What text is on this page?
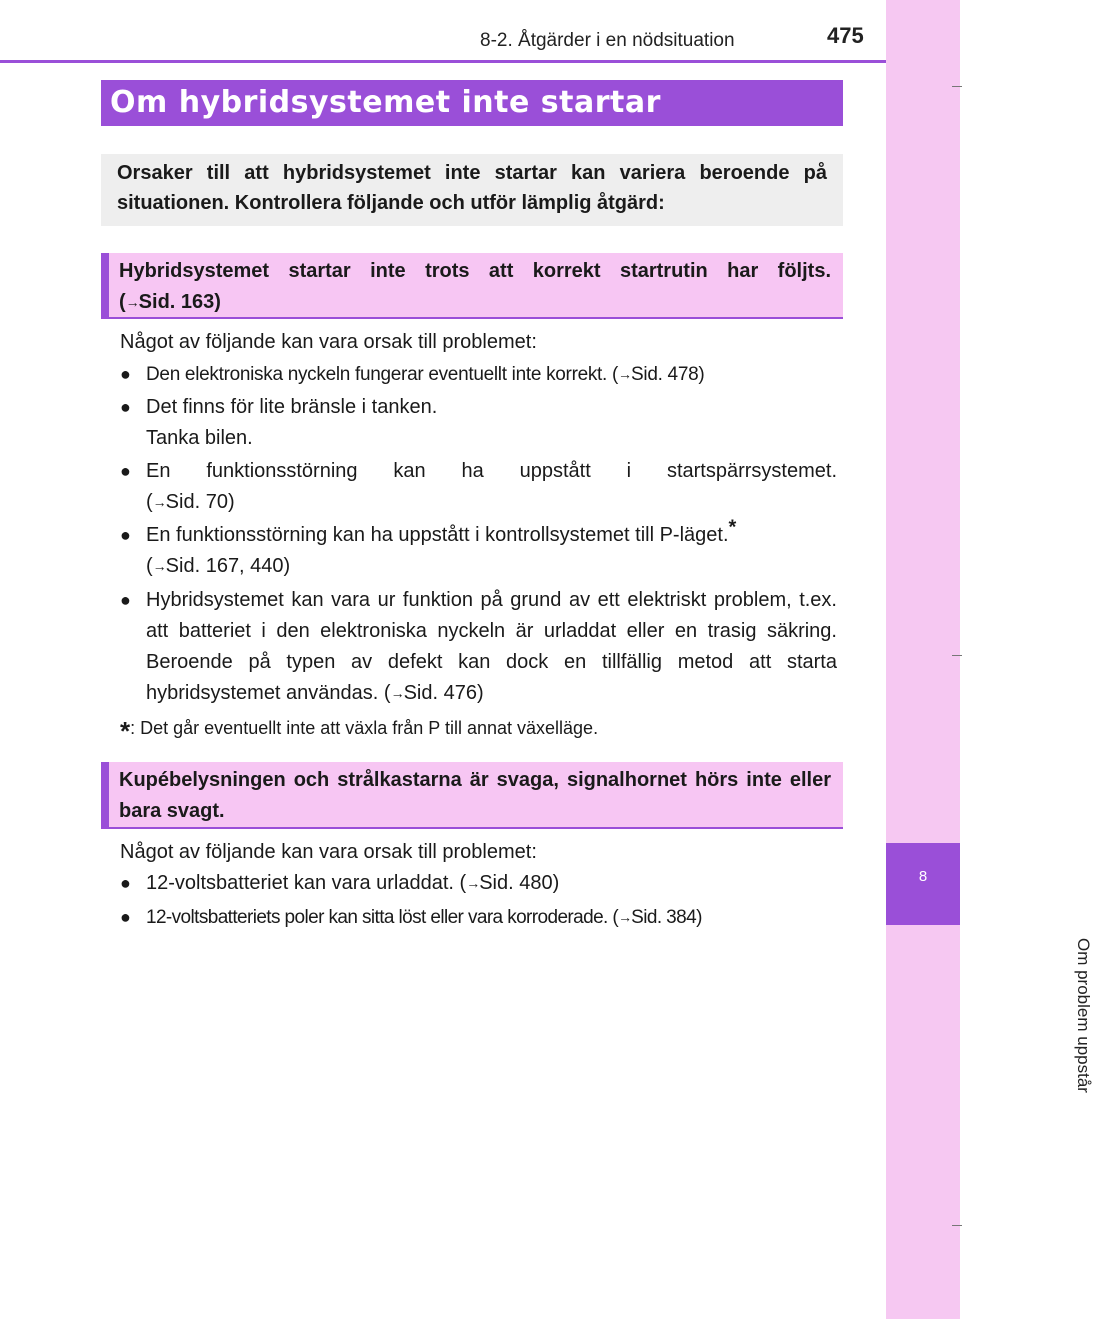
8-2. Åtgärder i en nödsituation	475
8
Om problem uppstår
Om hybridsystemet inte startar
Orsaker till att hybridsystemet inte startar kan variera beroende på situationen. Kontrollera följande och utför lämplig åtgärd:
Hybridsystemet startar inte trots att korrekt startrutin har följts.
(→Sid. 163)
Något av följande kan vara orsak till problemet:
● Den elektroniska nyckeln fungerar eventuellt inte korrekt. (→Sid. 478)
● Det finns för lite bränsle i tanken.
Tanka bilen.
● En funktionsstörning kan ha uppstått i startspärrsystemet.
(→Sid. 70)
● En funktionsstörning kan ha uppstått i kontrollsystemet till P-läget.*
(→Sid. 167, 440)
● Hybridsystemet kan vara ur funktion på grund av ett elektriskt problem, t.ex. att batteriet i den elektroniska nyckeln är urladdat eller en trasig säkring. Beroende på typen av defekt kan dock en tillfällig metod att starta hybridsystemet användas. (→Sid. 476)
*: Det går eventuellt inte att växla från P till annat växelläge.
Kupébelysningen och strålkastarna är svaga, signalhornet hörs inte eller bara svagt.
Något av följande kan vara orsak till problemet:
● 12-voltsbatteriet kan vara urladdat. (→Sid. 480)
● 12-voltsbatteriets poler kan sitta löst eller vara korroderade. (→Sid. 384)
